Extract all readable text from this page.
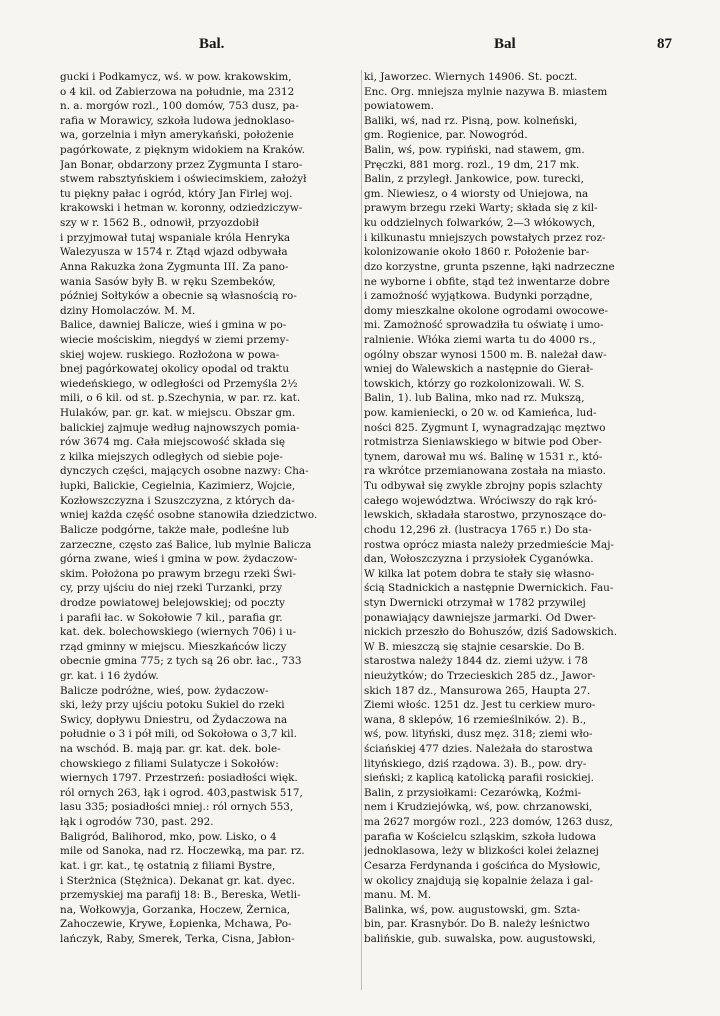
Bal.	Bal	87
gucki i Podkamycz, wś. w pow. krakowskim,
o 4 kil. od Zabierzowa na południe, ma 2312
n. a. morgów rozl., 100 domów, 753 dusz, pa-
rafia w Morawicy, szkoła ludowa jednoklaso-
wa, gorzelnia i młyn amerykański, położenie
pagórkowate, z pięknym widokiem na Kraków.
Jan Bonar, obdarzony przez Zygmunta I staro-
stwem rabsztyńskiem i oświecimskiem, założył
tu piękny pałac i ogród, który Jan Firlej woj.
krakowski i hetman w. koronny, odziedziczyw-
szy w r. 1562 B., odnowił, przyozdobił
i przyjmował tutaj wspaniale króla Henryka
Walezyusza w 1574 r. Ztąd wjazd odbywała
Anna Rakuzka żona Zygmunta III. Za pano-
wania Sasów były B. w ręku Szembeków,
później Sołtyków a obecnie są własnością ro-
dziny Homolaczów. M. M.
Balice, dawniej Balicze, wieś i gmina w po-
wiecie mościskim, niegdyś w ziemi przemy-
skiej wojew. ruskiego. Rozłożona w powa-
bnej pagórkowatej okolicy opodal od traktu
wiedeńskiego, w odległości od Przemyśla 2½
mili, o 6 kil. od st. p.Szechynia, w par. rz. kat.
Hulaków, par. gr. kat. w miejscu. Obszar gm.
balickiej zajmuje według najnowszych pomia-
rów 3674 mg. Cała miejscowość składa się
z kilka miejszych odległych od siebie poje-
dynczych części, mających osobne nazwy: Cha-
łupki, Balickie, Cegielnia, Kazimierz, Wojcie,
Kozłowszczyzna i Szuszczyzna, z których da-
wniej każda część osobne stanowiła dziedzictwo.
Balicze podgórne, także małe, podleśne lub
zarzeczne, często zaś Balice, lub mylnie Balicza
górna zwane, wieś i gmina w pow. żydaczow-
skim. Położona po prawym brzegu rzeki Świ-
cy, przy ujściu do niej rzeki Turzanki, przy
drodze powiatowej belejowskiej; od poczty
i parafii łac. w Sokołowie 7 kil., parafia gr.
kat. dek. bolechowskiego (wiernych 706) i u-
rząd gminny w miejscu. Mieszkańców liczy
obecnie gmina 775; z tych są 26 obr. łac., 733
gr. kat. i 16 żydów.
Balicze podróżne, wieś, pow. żydaczow-
ski, leży przy ujściu potoku Sukiel do rzeki
Swicy, dopływu Dniestru, od Żydaczowa na
południe o 3 i pół mili, od Sokołowa o 3,7 kil.
na wschód. B. mają par. gr. kat. dek. bole-
chowskiego z filiami Sulatycze i Sokołów:
wiernych 1797. Przestrzeń: posiadłości więk.
ról ornych 263, łąk i ogrod. 403,pastwisk 517,
lasu 335; posiadłości mniej.: ról ornych 553,
łąk i ogrodów 730, past. 292.
Baligród, Balihorod, mko, pow. Lisko, o 4
mile od Sanoka, nad rz. Hoczewką, ma par. rz.
kat. i gr. kat., tę ostatnią z filiami Bystre,
i Sterżnica (Stężnica). Dekanat gr. kat. dyec.
przemyskiej ma parafij 18: B., Bereska, Wetli-
na, Wołkowyja, Gorzanka, Hoczew, Żernica,
Zahoczewie, Krywe, Łopienka, Mchawa, Po-
lańczyk, Raby, Smerek, Terka, Cisna, Jabłon-
ki, Jaworzec. Wiernych 14906. St. poczt.
Enc. Org. mniejsza mylnie nazywa B. miastem
powiatowem.
Baliki, wś, nad rz. Pisną, pow. kolneński,
gm. Rogienice, par. Nowogród.
Balin, wś, pow. rypiński, nad stawem, gm.
Pręczki, 881 morg. rozl., 19 dm, 217 mk.
Balin, z przyległ. Jankowice, pow. turecki,
gm. Niewiesz, o 4 wiorsty od Uniejowa, na
prawym brzegu rzeki Warty; składa się z kil-
ku oddzielnych folwarków, 2—3 włókowych,
i kilkunastu mniejszych powstałych przez roz-
kolonizowanie około 1860 r. Położenie bar-
dzo korzystne, grunta pszenne, łąki nadrzeczne
ne wyborne i obfite, stąd też inwentarze dobre
i zamożność wyjątkowa. Budynki porządne,
domy mieszkalne okolone ogrodami owocowe-
mi. Zamożność sprowadziła tu oświatę i umo-
ralnienie. Włóka ziemi warta tu do 4000 rs.,
ogólny obszar wynosi 1500 m. B. należał daw-
wniej do Walewskich a następnie do Gierał-
towskich, którzy go rozkolonizowali. W. S.
Balin, 1). lub Balina, mko nad rz. Mukszą,
pow. kamieniecki, o 20 w. od Kamieńca, lud-
ności 825. Zygmunt I, wynagradzając męztwo
rotmistrza Sieniawskiego w bitwie pod Ober-
tynem, darował mu wś. Balinę w 1531 r., któ-
ra wkrótce przemianowana została na miasto.
Tu odbywał się zwykle zbrojny popis szlachty
całego województwa. Wróciwszy do rąk kró-
lewskich, składała starostwo, przynoszące do-
chodu 12,296 zł. (lustracya 1765 r.) Do sta-
rostwa oprócz miasta należy przedmieście Maj-
dan, Wołoszczyzna i przysiołek Cyganówka.
W kilka lat potem dobra te stały się własno-
ścią Stadnickich a następnie Dwernickich. Fau-
styn Dwernicki otrzymał w 1782 przywilej
ponawiający dawniejsze jarmarki. Od Dwer-
nickich przeszło do Bohuszów, dziś Sadowskich.
W B. mieszczą się stajnie cesarskie. Do B.
starostwa należy 1844 dz. ziemi używ. i 78
nieużytków; do Trzecieskich 285 dz., Jawor-
skich 187 dz., Mansurowa 265, Haupta 27.
Ziemi włośc. 1251 dz. Jest tu cerkiew muro-
wana, 8 sklepów, 16 rzemieślników. 2). B.,
wś, pow. lityński, dusz męz. 318; ziemi wło-
ściańskiej 477 dzies. Należała do starostwa
lityńskiego, dziś rządowa. 3). B., pow. dry-
sieński; z kaplicą katolicką parafii rosickiej.
Balin, z przysiołkami: Cezarówką, Koźmi-
nem i Krudziejówką, wś, pow. chrzanowski,
ma 2627 morgów rozl., 223 domów, 1263 dusz,
parafia w Kościelcu szląskim, szkoła ludowa
jednoklasowa, leży w blizkości kolei żelaznej
Cesarza Ferdynanda i gościńca do Mysłowic,
w okolicy znajdują się kopalnie żelaza i gal-
manu. M. M.
Balinka, wś, pow. augustowski, gm. Szta-
bin, par. Krasnybór. Do B. należy leśnictwo
balińskie, gub. suwalska, pow. augustowski,
